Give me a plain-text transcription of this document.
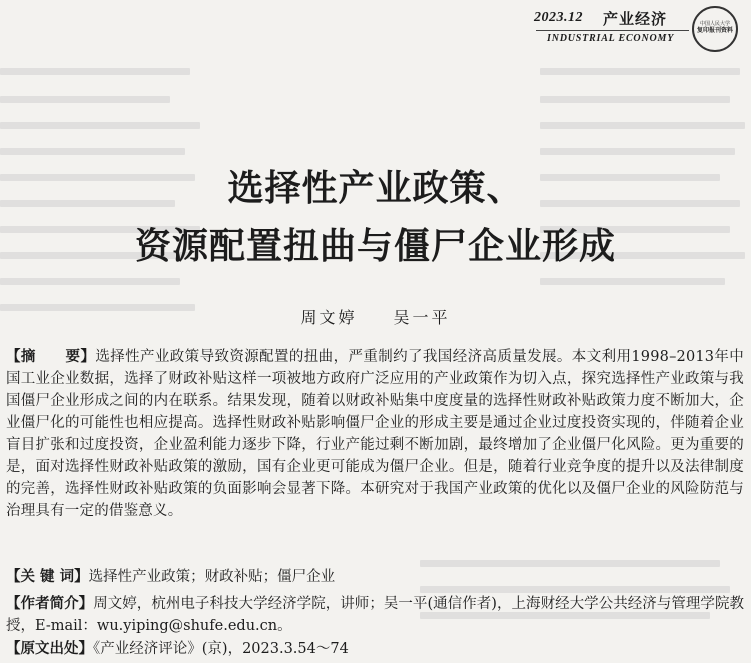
2023.12 产业经济
INDUSTRIAL ECONOMY
中国人民大学
复印报刊资料
选择性产业政策、
资源配置扭曲与僵尸企业形成
周文婷 吴一平
【摘　　要】选择性产业政策导致资源配置的扭曲，严重制约了我国经济高质量发展。本文利用1998–2013年中国工业企业数据，选择了财政补贴这样一项被地方政府广泛应用的产业政策作为切入点，探究选择性产业政策与我国僵尸企业形成之间的内在联系。结果发现，随着以财政补贴集中度度量的选择性财政补贴政策力度不断加大，企业僵尸化的可能性也相应提高。选择性财政补贴影响僵尸企业的形成主要是通过企业过度投资实现的，伴随着企业盲目扩张和过度投资，企业盈利能力逐步下降，行业产能过剩不断加剧，最终增加了企业僵尸化风险。更为重要的是，面对选择性财政补贴政策的激励，国有企业更可能成为僵尸企业。但是，随着行业竞争度的提升以及法律制度的完善，选择性财政补贴政策的负面影响会显著下降。本研究对于我国产业政策的优化以及僵尸企业的风险防范与治理具有一定的借鉴意义。
【关 键 词】选择性产业政策；财政补贴；僵尸企业
【作者简介】周文婷，杭州电子科技大学经济学院，讲师；吴一平(通信作者)，上海财经大学公共经济与管理学院教授，E-mail：wu.yiping@shufe.edu.cn。
【原文出处】《产业经济评论》(京)，2023.3.54～74
